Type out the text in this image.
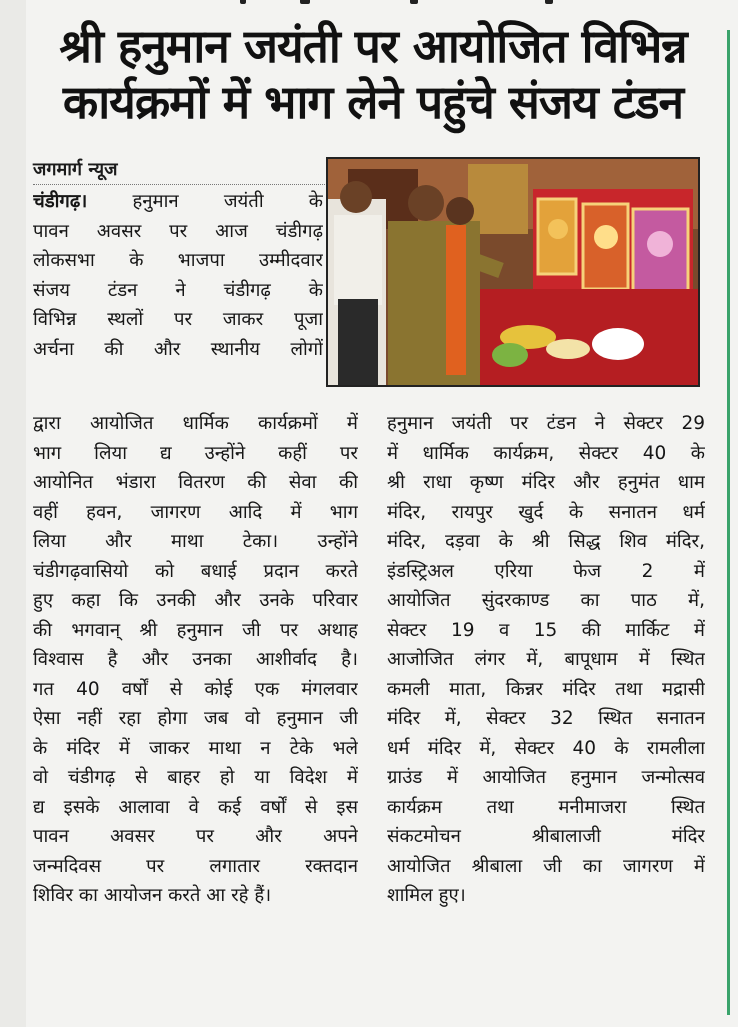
श्री हनुमान जयंती पर आयोजित विभिन्न
कार्यक्रमों में भाग लेने पहुंचे संजय टंडन
जगमार्ग न्यूज
चंडीगढ़। हनुमान जयंती के
पावन अवसर पर आज चंडीगढ़
लोकसभा के भाजपा उम्मीदवार
संजय टंडन ने चंडीगढ़ के
विभिन्न स्थलों पर जाकर पूजा
अर्चना की और स्थानीय लोगों
द्वारा आयोजित धार्मिक कार्यक्रमों में
भाग लिया द्य उन्होंने कहीं पर
आयोनित भंडारा वितरण की सेवा की
वहीं हवन, जागरण आदि में भाग
लिया और माथा टेका। उन्होंने
चंडीगढ़वासियो को बधाई प्रदान करते
हुए कहा कि उनकी और उनके परिवार
की भगवान् श्री हनुमान जी पर अथाह
विश्वास है और उनका आशीर्वाद है।
गत 40 वर्षों से कोई एक मंगलवार
ऐसा नहीं रहा होगा जब वो हनुमान जी
के मंदिर में जाकर माथा न टेके भले
वो चंडीगढ़ से बाहर हो या विदेश में
द्य इसके आलावा वे कई वर्षों से इस
पावन अवसर पर और अपने
जन्मदिवस पर लगातार रक्तदान
शिविर का आयोजन करते आ रहे हैं।
हनुमान जयंती पर टंडन ने सेक्टर 29
में धार्मिक कार्यक्रम, सेक्टर 40 के
श्री राधा कृष्ण मंदिर और हनुमंत धाम
मंदिर, रायपुर खुर्द के सनातन धर्म
मंदिर, दड़वा के श्री सिद्ध शिव मंदिर,
इंडस्ट्रिअल एरिया फेज 2 में
आयोजित सुंदरकाण्ड का पाठ में,
सेक्टर 19 व 15 की मार्किट में
आजोजित लंगर में, बापूधाम में स्थित
कमली माता, किन्नर मंदिर तथा मद्रासी
मंदिर में, सेक्टर 32 स्थित सनातन
धर्म मंदिर में, सेक्टर 40 के रामलीला
ग्राउंड में आयोजित हनुमान जन्मोत्सव
कार्यक्रम तथा मनीमाजरा स्थित
संकटमोचन श्रीबालाजी मंदिर
आयोजित श्रीबाला जी का जागरण में
शामिल हुए।
